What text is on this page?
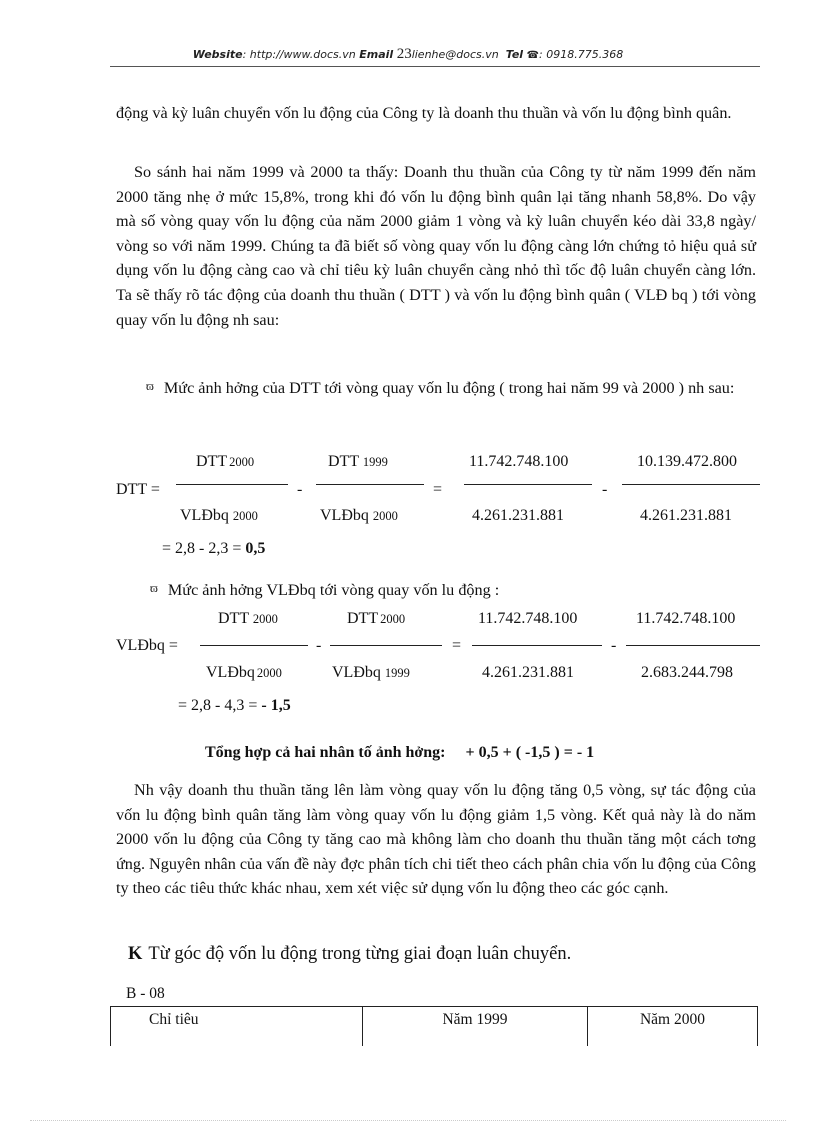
Website: http://www.docs.vn Email 23lienhe@docs.vn Tel ☎: 0918.775.368

động và kỳ luân chuyển vốn lu động của Công ty là doanh thu thuần và vốn lu động bình quân.

So sánh hai năm 1999 và 2000 ta thấy: Doanh thu thuần của Công ty từ năm 1999 đến năm 2000 tăng nhẹ ở mức 15,8%, trong khi đó vốn lu động bình quân lại tăng nhanh 58,8%. Do vậy mà số vòng quay vốn lu động của năm 2000 giảm 1 vòng và kỳ luân chuyển kéo dài 33,8 ngày/ vòng so với năm 1999. Chúng ta đã biết số vòng quay vốn lu động càng lớn chứng tỏ hiệu quả sử dụng vốn lu động càng cao và chỉ tiêu kỳ luân chuyển càng nhỏ thì tốc độ luân chuyển càng lớn. Ta sẽ thấy rõ tác động của doanh thu thuần ( DTT ) và vốn lu động bình quân ( VLĐ bq ) tới vòng quay vốn lu động nh sau:

ϖ Mức ảnh hởng của DTT tới vòng quay vốn lu động ( trong hai năm 99 và 2000 ) nh sau:

DTT =
DTT 2000
VLĐbq 2000
-
DTT 1999
VLĐbq 2000
=
11.742.748.100
4.261.231.881
-
10.139.472.800
4.261.231.881
= 2,8 - 2,3 = 0,5

ϖ Mức ảnh hởng VLĐbq tới vòng quay vốn lu động :

VLĐbq =
DTT 2000
VLĐbq 2000
-
DTT 2000
VLĐbq 1999
=
11.742.748.100
4.261.231.881
-
11.742.748.100
2.683.244.798
= 2,8 - 4,3 = - 1,5
Tổng hợp cả hai nhân tố ảnh hởng: + 0,5 + ( -1,5 ) = - 1

Nh vậy doanh thu thuần tăng lên làm vòng quay vốn lu động tăng 0,5 vòng, sự tác động của vốn lu động bình quân tăng làm vòng quay vốn lu động giảm 1,5 vòng. Kết quả này là do năm 2000 vốn lu động của Công ty tăng cao mà không làm cho doanh thu thuần tăng một cách tơng ứng. Nguyên nhân của vấn đề này đợc phân tích chi tiết theo cách phân chia vốn lu động của Công ty theo các tiêu thức khác nhau, xem xét việc sử dụng vốn lu động theo các góc cạnh.

K Từ góc độ vốn lu động trong từng giai đoạn luân chuyển.
B - 08
Chỉ tiêu	Năm 1999	Năm 2000
